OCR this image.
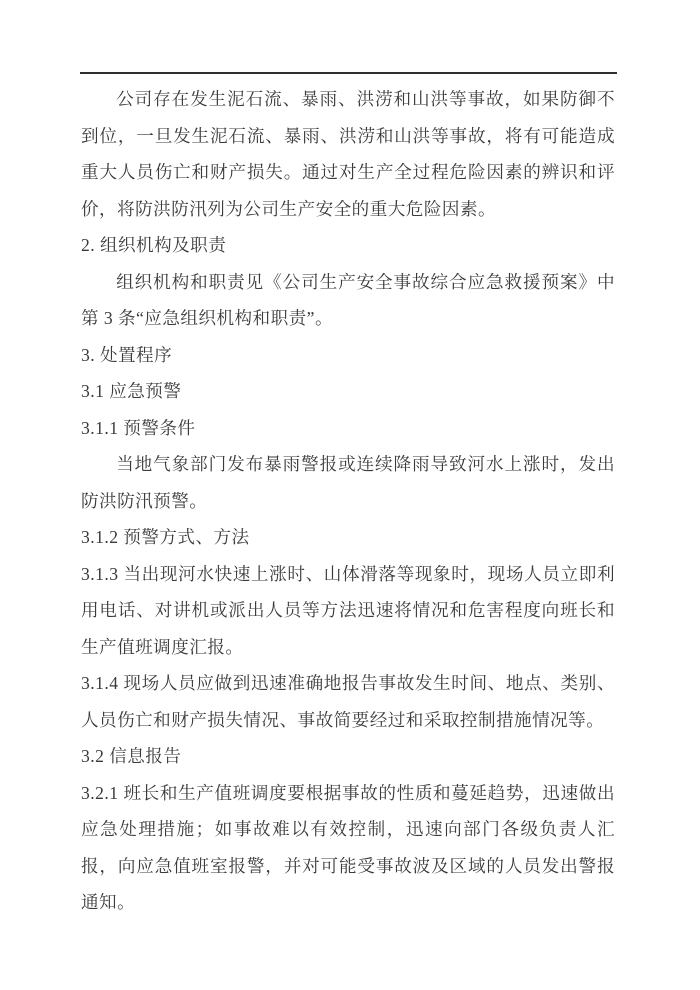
公司存在发生泥石流、暴雨、洪涝和山洪等事故，如果防御不到位，一旦发生泥石流、暴雨、洪涝和山洪等事故，将有可能造成重大人员伤亡和财产损失。通过对生产全过程危险因素的辨识和评价，将防洪防汛列为公司生产安全的重大危险因素。

2. 组织机构及职责

组织机构和职责见《公司生产安全事故综合应急救援预案》中第 3 条“应急组织机构和职责”。

3. 处置程序

3.1 应急预警

3.1.1 预警条件

当地气象部门发布暴雨警报或连续降雨导致河水上涨时，发出防洪防汛预警。

3.1.2 预警方式、方法

3.1.3 当出现河水快速上涨时、山体滑落等现象时，现场人员立即利用电话、对讲机或派出人员等方法迅速将情况和危害程度向班长和生产值班调度汇报。

3.1.4 现场人员应做到迅速准确地报告事故发生时间、地点、类别、人员伤亡和财产损失情况、事故简要经过和采取控制措施情况等。

3.2 信息报告

3.2.1 班长和生产值班调度要根据事故的性质和蔓延趋势，迅速做出应急处理措施；如事故难以有效控制，迅速向部门各级负责人汇报，向应急值班室报警，并对可能受事故波及区域的人员发出警报通知。
